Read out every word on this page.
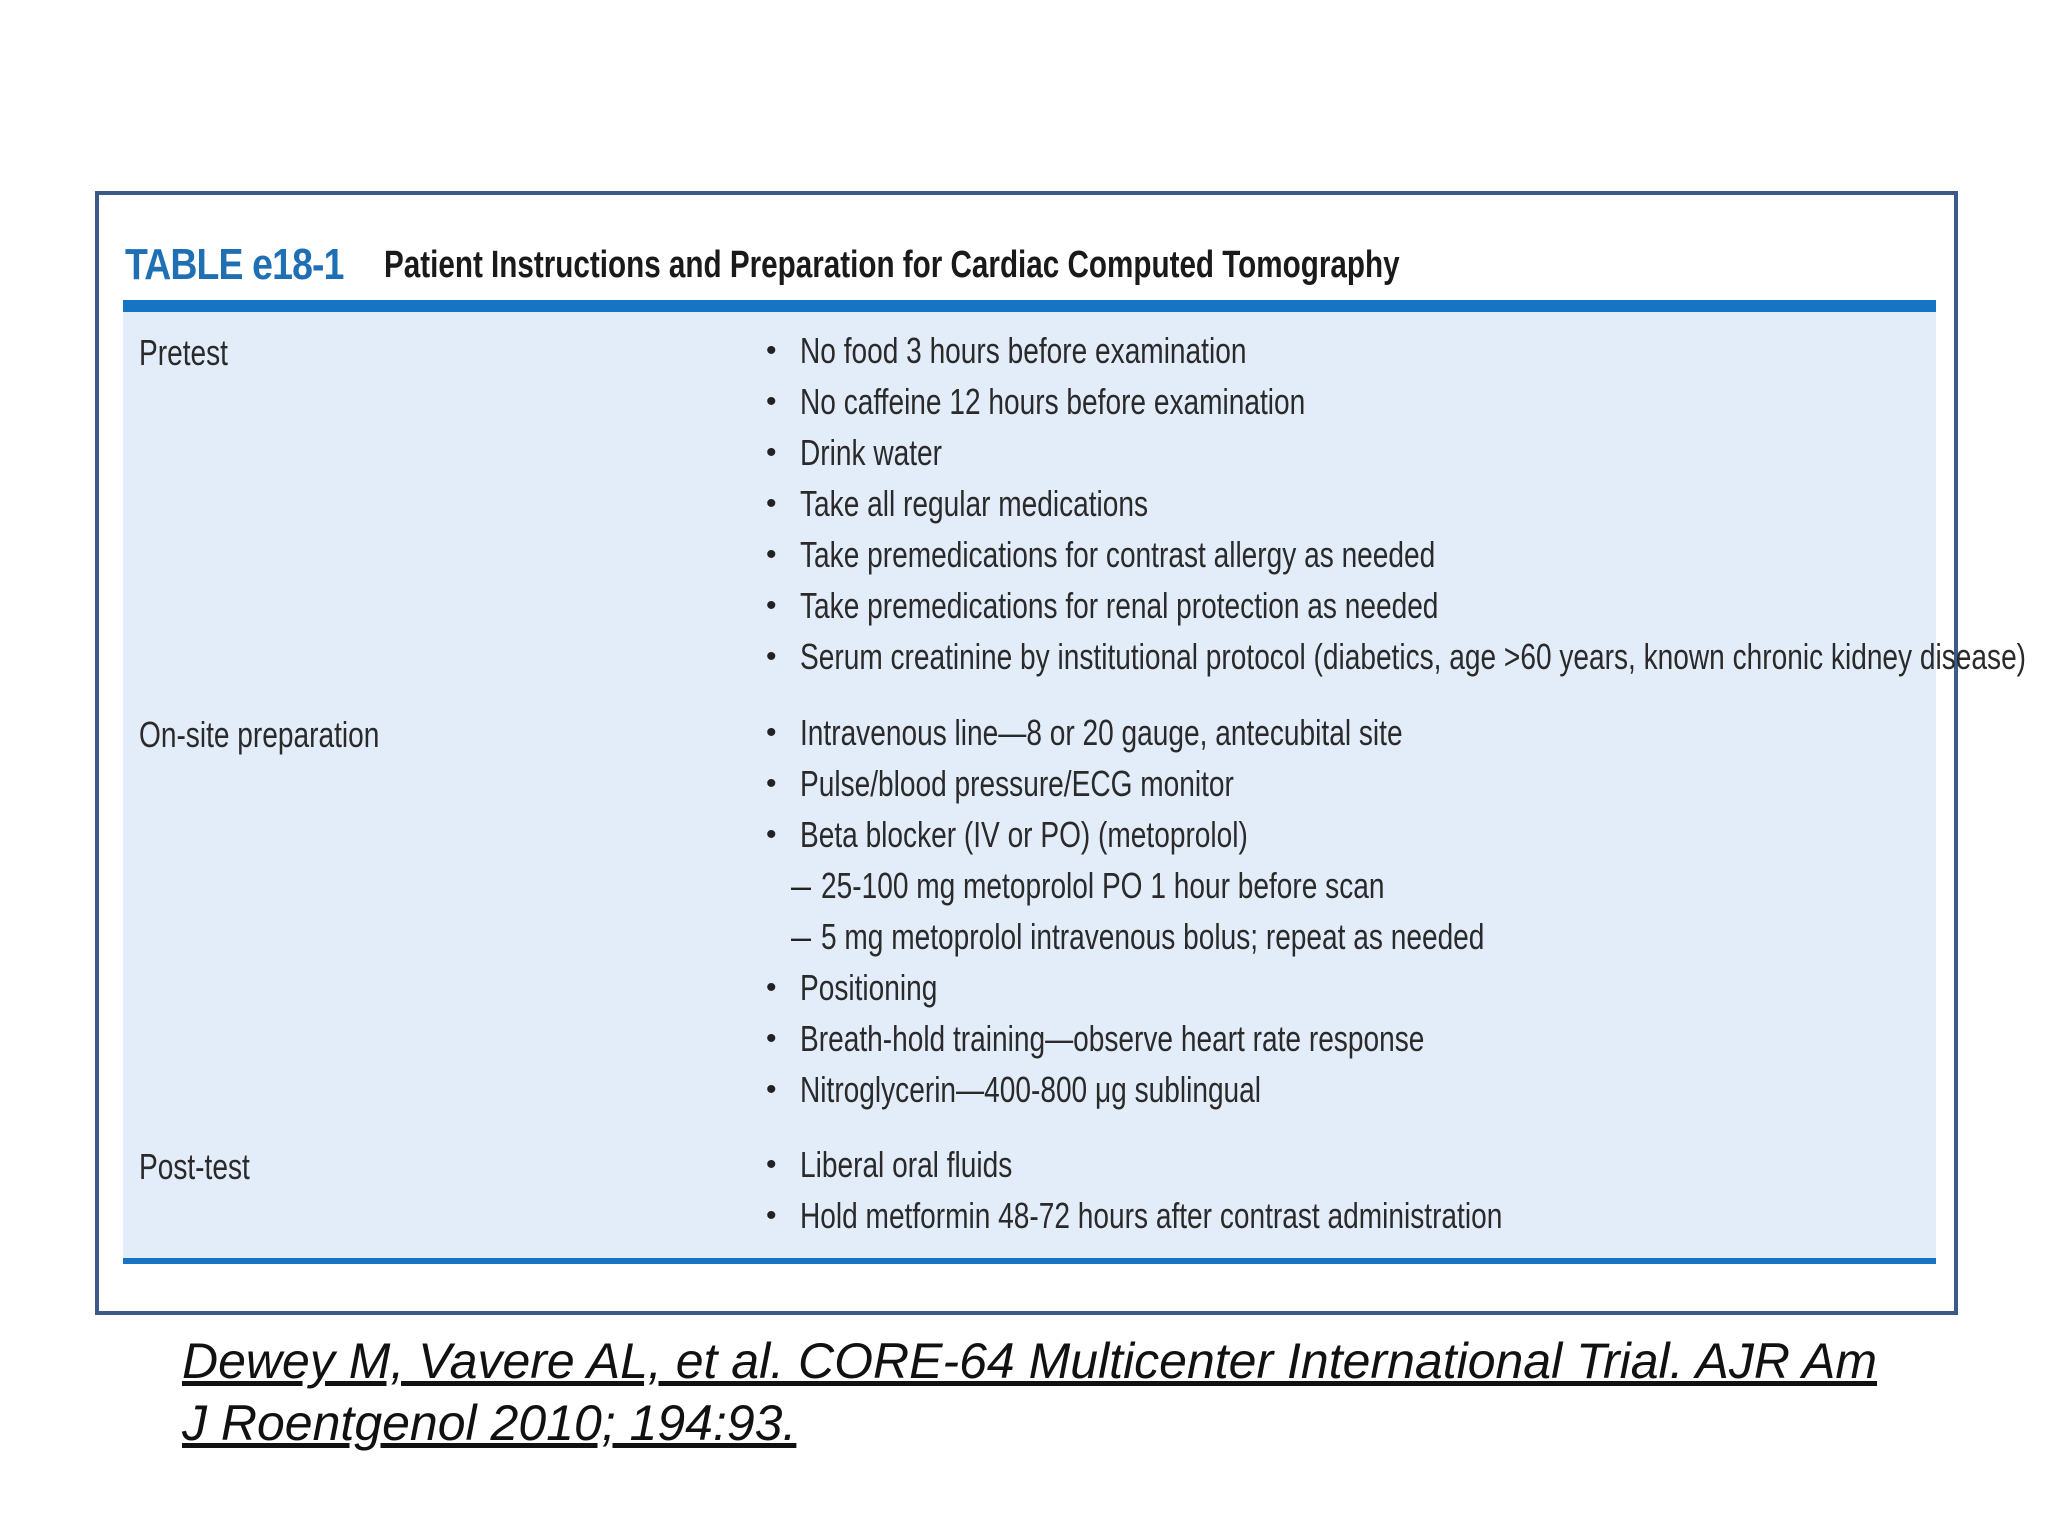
TABLE e18-1 Patient Instructions and Preparation for Cardiac Computed Tomography
Pretest	• No food 3 hours before examination
• No caffeine 12 hours before examination
• Drink water
• Take all regular medications
• Take premedications for contrast allergy as needed
• Take premedications for renal protection as needed
• Serum creatinine by institutional protocol (diabetics, age >60 years, known chronic kidney disease)
On-site preparation	• Intravenous line—8 or 20 gauge, antecubital site
• Pulse/blood pressure/ECG monitor
• Beta blocker (IV or PO) (metoprolol)
– 25-100 mg metoprolol PO 1 hour before scan
– 5 mg metoprolol intravenous bolus; repeat as needed
• Positioning
• Breath-hold training—observe heart rate response
• Nitroglycerin—400-800 μg sublingual
Post-test	• Liberal oral fluids
• Hold metformin 48-72 hours after contrast administration
Dewey M, Vavere AL, et al. CORE-64 Multicenter International Trial. AJR Am J Roentgenol 2010; 194:93.
